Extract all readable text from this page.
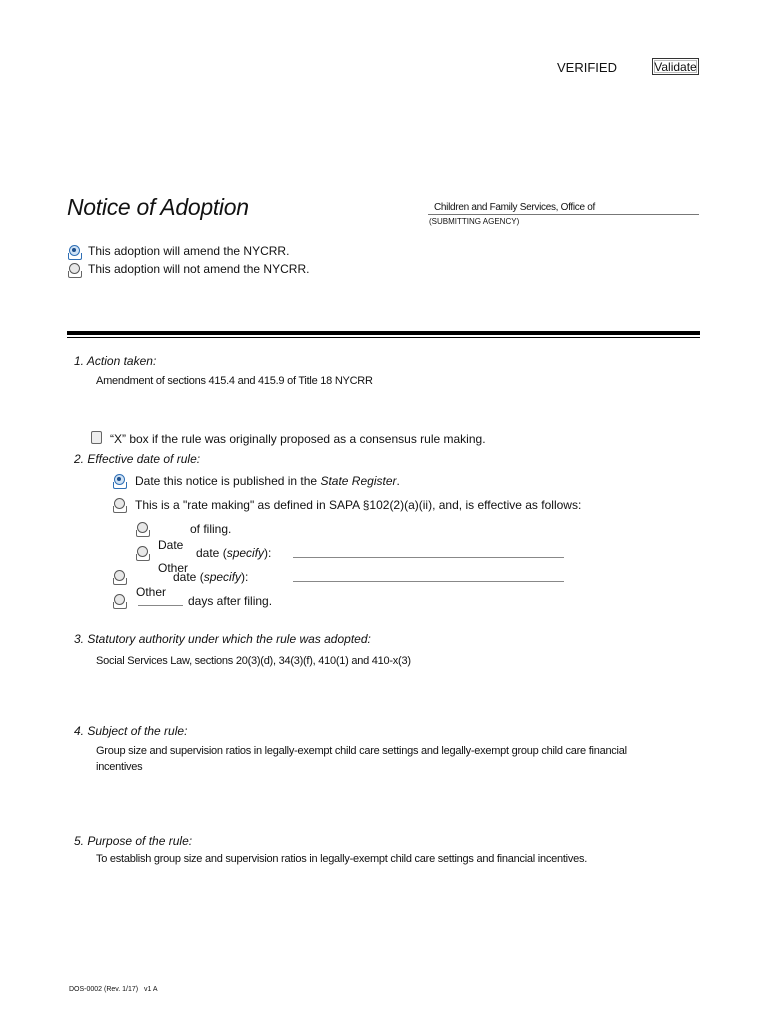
VERIFIED	Validate
Notice of Adoption
Children and Family Services, Office of
(SUBMITTING AGENCY)
This adoption will amend the NYCRR.
This adoption will not amend the NYCRR.
1. Action taken:
Amendment of sections 415.4 and 415.9 of Title 18 NYCRR
“X” box if the rule was originally proposed as a consensus rule making.
2. Effective date of rule:
Date this notice is published in the State Register.
This is a "rate making" as defined in SAPA §102(2)(a)(ii), and, is effective as follows:
of filing.
Date
date (specify):
Other
date (specify):
Other
days after filing.
3. Statutory authority under which the rule was adopted:
Social Services Law, sections 20(3)(d), 34(3)(f), 410(1) and 410-x(3)
4. Subject of the rule:
Group size and supervision ratios in legally-exempt child care settings and legally-exempt group child care financial
incentives
5. Purpose of the rule:
To establish group size and supervision ratios in legally-exempt child care settings and financial incentives.
DOS-0002 (Rev. 1/17) v1 A
